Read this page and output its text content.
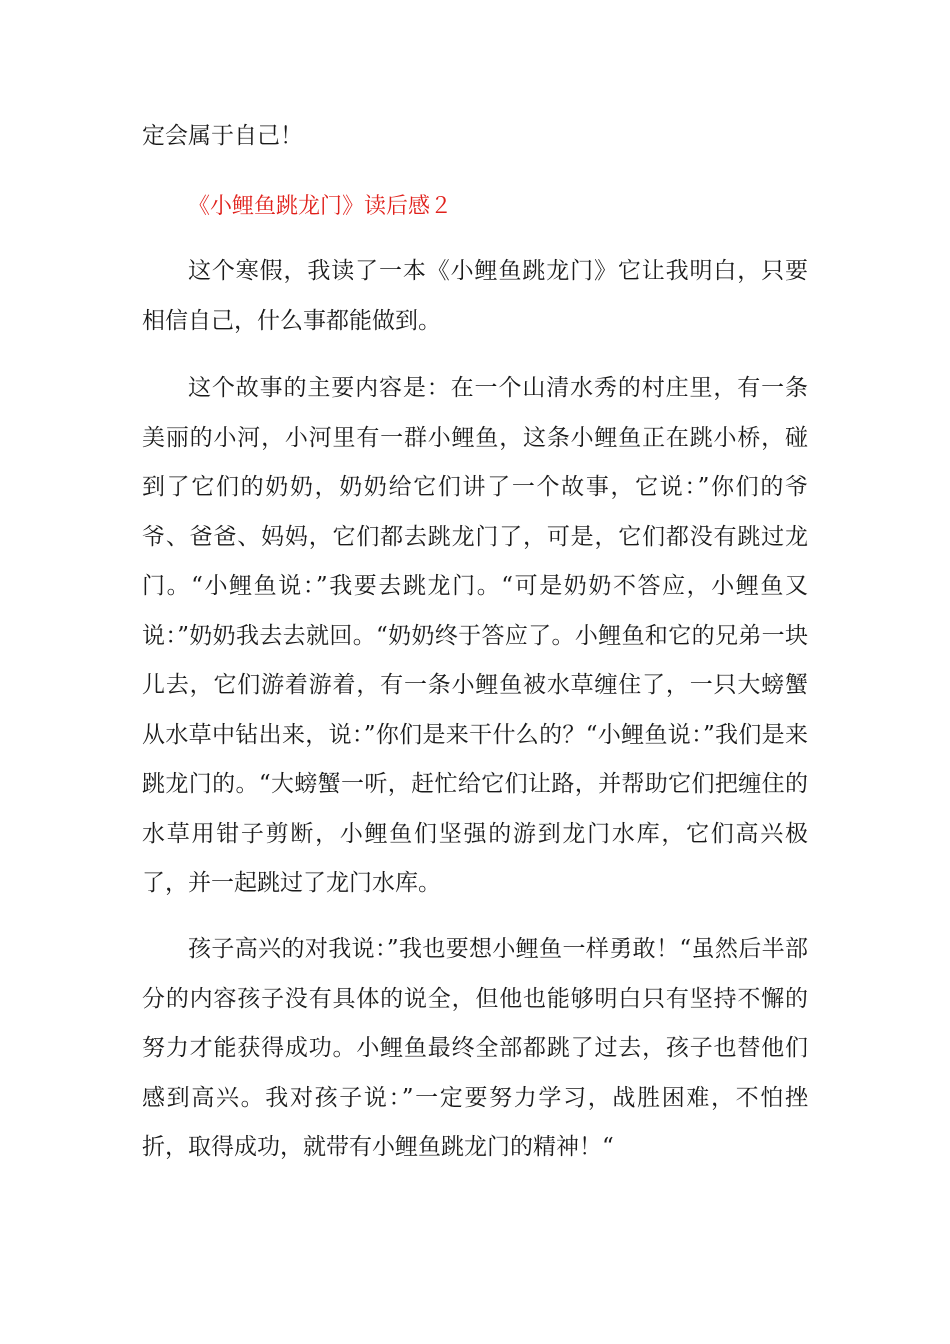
定会属于自己！

《小鲤鱼跳龙门》读后感２

这个寒假，我读了一本《小鲤鱼跳龙门》它让我明白，只要相信自己，什么事都能做到。

这个故事的主要内容是：在一个山清水秀的村庄里，有一条美丽的小河，小河里有一群小鲤鱼，这条小鲤鱼正在跳小桥，碰到了它们的奶奶，奶奶给它们讲了一个故事，它说：”你们的爷爷、爸爸、妈妈，它们都去跳龙门了，可是，它们都没有跳过龙门。“小鲤鱼说：”我要去跳龙门。“可是奶奶不答应，小鲤鱼又说：”奶奶我去去就回。“奶奶终于答应了。小鲤鱼和它的兄弟一块儿去，它们游着游着，有一条小鲤鱼被水草缠住了，一只大螃蟹从水草中钻出来，说：”你们是来干什么的？“小鲤鱼说：”我们是来跳龙门的。“大螃蟹一听，赶忙给它们让路，并帮助它们把缠住的水草用钳子剪断，小鲤鱼们坚强的游到龙门水库，它们高兴极了，并一起跳过了龙门水库。

孩子高兴的对我说：”我也要想小鲤鱼一样勇敢！“虽然后半部分的内容孩子没有具体的说全，但他也能够明白只有坚持不懈的努力才能获得成功。小鲤鱼最终全部都跳了过去，孩子也替他们感到高兴。我对孩子说：”一定要努力学习，战胜困难，不怕挫折，取得成功，就带有小鲤鱼跳龙门的精神！“
